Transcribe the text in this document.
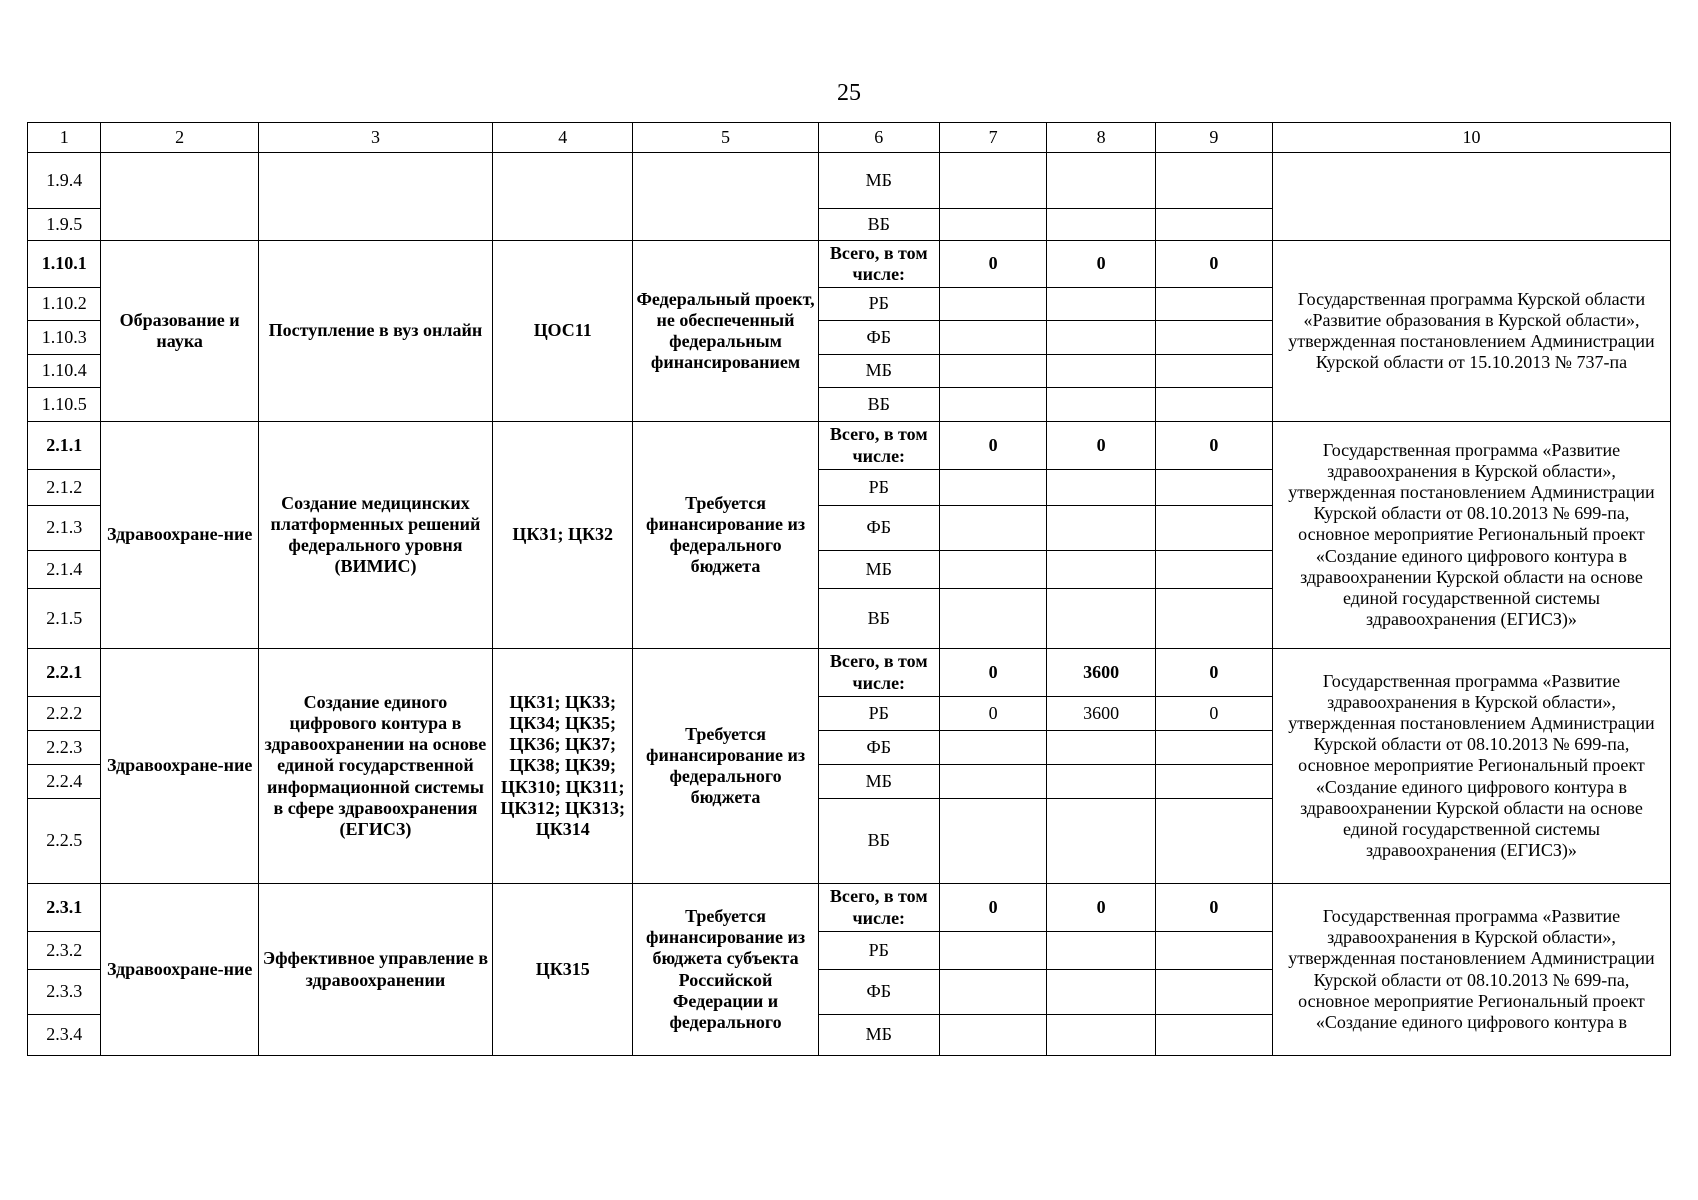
25
1	2	3	4	5	6	7	8	9	10
1.9.4					МБ				
1.9.5					ВБ				
1.10.1	Образование и наука	Поступление в вуз онлайн	ЦОС11	Федеральный проект, не обеспеченный федеральным финансированием	Всего, в том числе:	0	0	0	Государственная программа Курской области «Развитие образования в Курской области», утвержденная постановлением Администрации Курской области от 15.10.2013 № 737-па
1.10.2					РБ				
1.10.3					ФБ				
1.10.4					МБ				
1.10.5					ВБ				
2.1.1	Здравоохране-ние	Создание медицинских платформенных решений федерального уровня (ВИМИС)	ЦК31; ЦК32	Требуется финансирование из федерального бюджета	Всего, в том числе:	0	0	0	Государственная программа «Развитие здравоохранения в Курской области», утвержденная постановлением Администрации Курской области от 08.10.2013 № 699-па, основное мероприятие Региональный проект «Создание единого цифрового контура в здравоохранении Курской области на основе единой государственной системы здравоохранения (ЕГИСЗ)»
2.1.2					РБ				
2.1.3					ФБ				
2.1.4					МБ				
2.1.5					ВБ				
2.2.1	Здравоохране-ние	Создание единого цифрового контура в здравоохранении на основе единой государственной информационной системы в сфере здравоохранения (ЕГИСЗ)	ЦК31; ЦК33; ЦК34; ЦК35; ЦК36; ЦК37; ЦК38; ЦК39; ЦК310; ЦК311; ЦК312; ЦК313; ЦК314	Требуется финансирование из федерального бюджета	Всего, в том числе:	0	3600	0	Государственная программа «Развитие здравоохранения в Курской области», утвержденная постановлением Администрации Курской области от 08.10.2013 № 699-па, основное мероприятие Региональный проект «Создание единого цифрового контура в здравоохранении Курской области на основе единой государственной системы здравоохранения (ЕГИСЗ)»
2.2.2					РБ	0	3600	0	
2.2.3					ФБ				
2.2.4					МБ				
2.2.5					ВБ				
2.3.1	Здравоохране-ние	Эффективное управление в здравоохранении	ЦК315	Требуется финансирование из бюджета субъекта Российской Федерации и федерального	Всего, в том числе:	0	0	0	Государственная программа «Развитие здравоохранения в Курской области», утвержденная постановлением Администрации Курской области от 08.10.2013 № 699-па, основное мероприятие Региональный проект «Создание единого цифрового контура в
2.3.2					РБ				
2.3.3					ФБ				
2.3.4					МБ				
